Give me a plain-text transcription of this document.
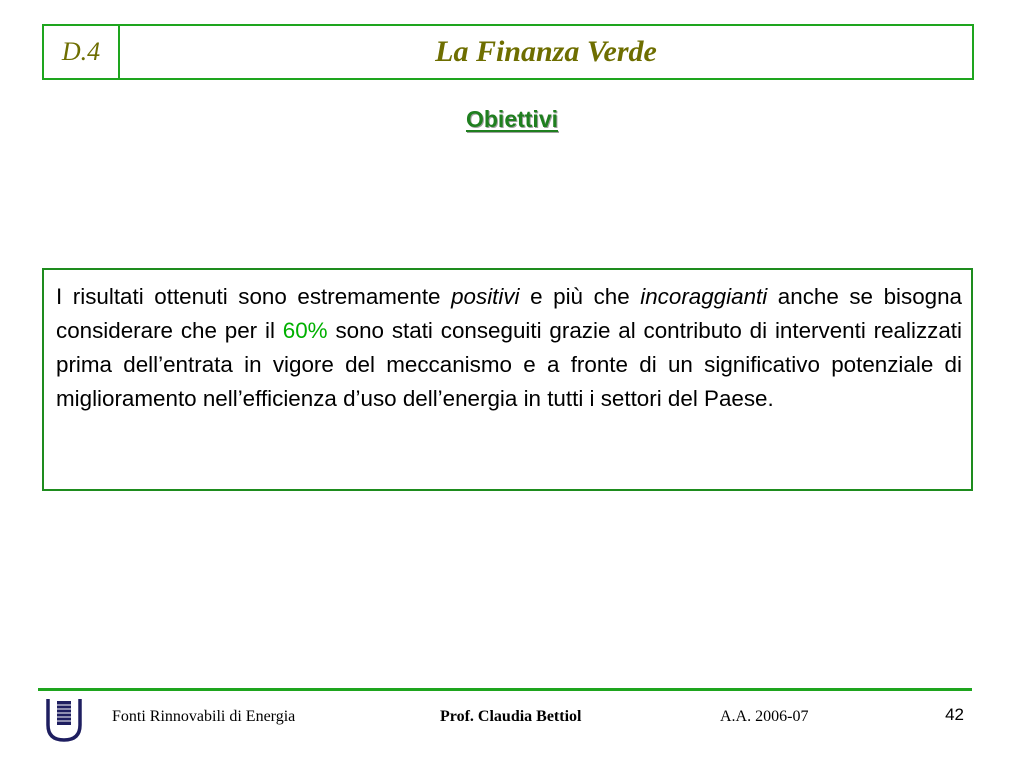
D.4	La Finanza Verde
Obiettivi
I risultati ottenuti sono estremamente positivi e più che incoraggianti anche se bisogna considerare che per il 60% sono stati conseguiti grazie al contributo di interventi realizzati prima dell’entrata in vigore del meccanismo e a fronte di un significativo potenziale di miglioramento nell’efficienza d’uso dell’energia in tutti i settori del Paese.
Fonti Rinnovabili di Energia	Prof. Claudia Bettiol	A.A. 2006-07	42
